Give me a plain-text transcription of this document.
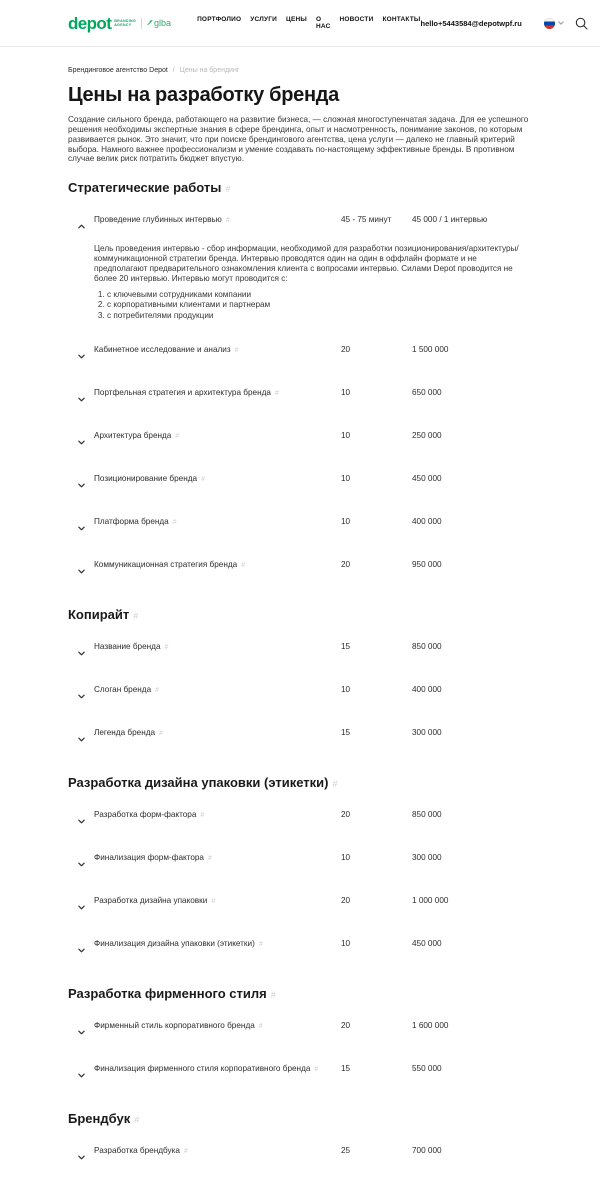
depot BRANDING
AGENCY	glba	ПОРТФОЛИО УСЛУГИ ЦЕНЫ О НАС
НОВОСТИ КОНТАКТЫ hello+5443584@depotwpf.ru
Брендинговое агентство Depot / Цены на брендинг
Цены на разработку бренда

Создание сильного бренда, работающего на развитие бизнеса, — сложная многоступенчатая задача. Для ее успешного решения необходимы экспертные знания в сфере брендинга, опыт и насмотренность, понимание законов, по которым развивается рынок. Это значит, что при поиске брендингового агентства, цена услуги — далеко не главный критерий выбора. Намного важнее профессионализм и умение создавать по-настоящему эффективные бренды. В противном случае велик риск потратить бюджет впустую.

Стратегические работы #
Проведение глубинных интервью #	45 - 75 минут	45 000 / 1 интервью

Цель проведения интервью - сбор информации, необходимой для разработки позиционирования/архитектуры/коммуникационной стратегии бренда. Интервью проводятся один на один в оффлайн формате и не предполагают предварительного ознакомления клиента с вопросами интервью. Силами Depot проводится не более 20 интервью. Интервью могут проводится с:

1. с ключевыми сотрудниками компании
2. с корпоративными клиентами и партнерам
3. с потребителями продукции
Кабинетное исследование и анализ #	20	1 500 000
Портфельная стратегия и архитектура бренда #	10	650 000
Архитектура бренда #	10	250 000
Позиционирование бренда #	10	450 000
Платформа бренда #	10	400 000
Коммуникационная стратегия бренда #	20	950 000
Копирайт #
Название бренда #	15	850 000
Слоган бренда #	10	400 000
Легенда бренда #	15	300 000
Разработка дизайна упаковки (этикетки) #
Разработка форм-фактора #	20	850 000
Финализация форм-фактора #	10	300 000
Разработка дизайна упаковки #	20	1 000 000
Финализация дизайна упаковки (этикетки) #	10	450 000
Разработка фирменного стиля #
Фирменный стиль корпоративного бренда #	20	1 600 000
Финализация фирменного стиля корпоративного бренда #	15	550 000
Брендбук #
Разработка брендбука #	25	700 000
